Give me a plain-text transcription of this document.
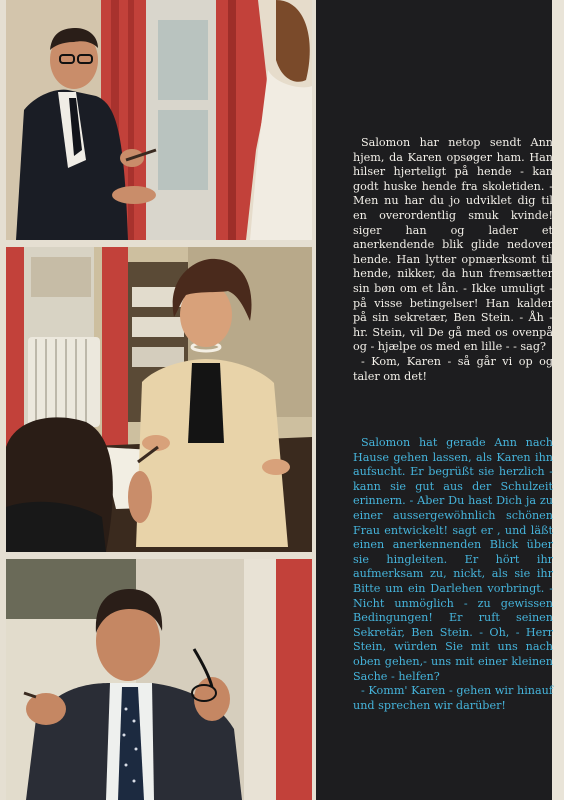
Salomon har netop sendt Ann hjem, da Karen opsøger ham. Han hilser hjerteligt på hende - kan godt huske hende fra skoletiden. - Men nu har du jo udviklet dig til en overordentlig smuk kvinde! siger han og lader et anerkendende blik glide nedover hende. Han lytter opmærksomt til hende, nikker, da hun fremsætter sin bøn om et lån. - Ikke umuligt - på visse betingelser! Han kalder på sin sekretær, Ben Stein. - Åh - hr. Stein, vil De gå med os ovenpå og - hjælpe os med en lille - - sag?

- Kom, Karen - så går vi op og taler om det!

Salomon hat gerade Ann nach Hause gehen lassen, als Karen ihn aufsucht. Er begrüßt sie herzlich - kann sie gut aus der Schulzeit erinnern. - Aber Du hast Dich ja zu einer aussergewöhnlich schönen Frau entwickelt! sagt er , und läßt einen anerkennenden Blick über sie hingleiten. Er hört ihr aufmerksam zu, nickt, als sie ihr Bitte um ein Darlehen vorbringt. - Nicht unmöglich - zu gewissen Bedingungen! Er ruft seinen Sekretär, Ben Stein. - Oh, - Herr Stein, würden Sie mit uns nach oben gehen,- uns mit einer kleinen Sache - helfen?

- Komm' Karen - gehen wir hinauf und sprechen wir darüber!
